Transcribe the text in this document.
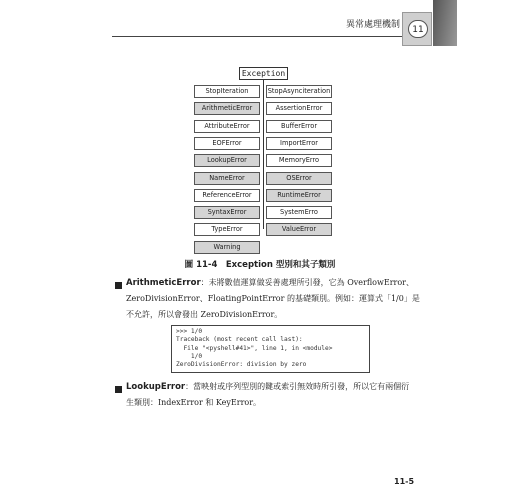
異常處理機制	11
Exception
圖 11-4　Exception 型別和其子類別
ArithmeticError：未將數值運算做妥善處理所引發，它為 OverflowError、
ZeroDivisionError、FloatingPointError 的基礎類別。例如：運算式「1/0」是
不允許，所以會發出 ZeroDivisionError。
>>> 1/0
Traceback (most recent call last):
File "<pyshell#41>", line 1, in <module>
1/0
ZeroDivisionError: division by zero
LookupError：當映射或序列型別的鍵或索引無效時所引發，所以它有兩個衍
生類別：IndexError 和 KeyError。
11-5
StopIteration
ArithmeticError
AttributeError
EOFError
LookupError
NameError
ReferenceError
SyntaxError
TypeError
Warning
StopAsynciteration
AssertionError
BufferError
ImportError
MemoryErro
OSError
RuntimeError
SystemErro
ValueError
